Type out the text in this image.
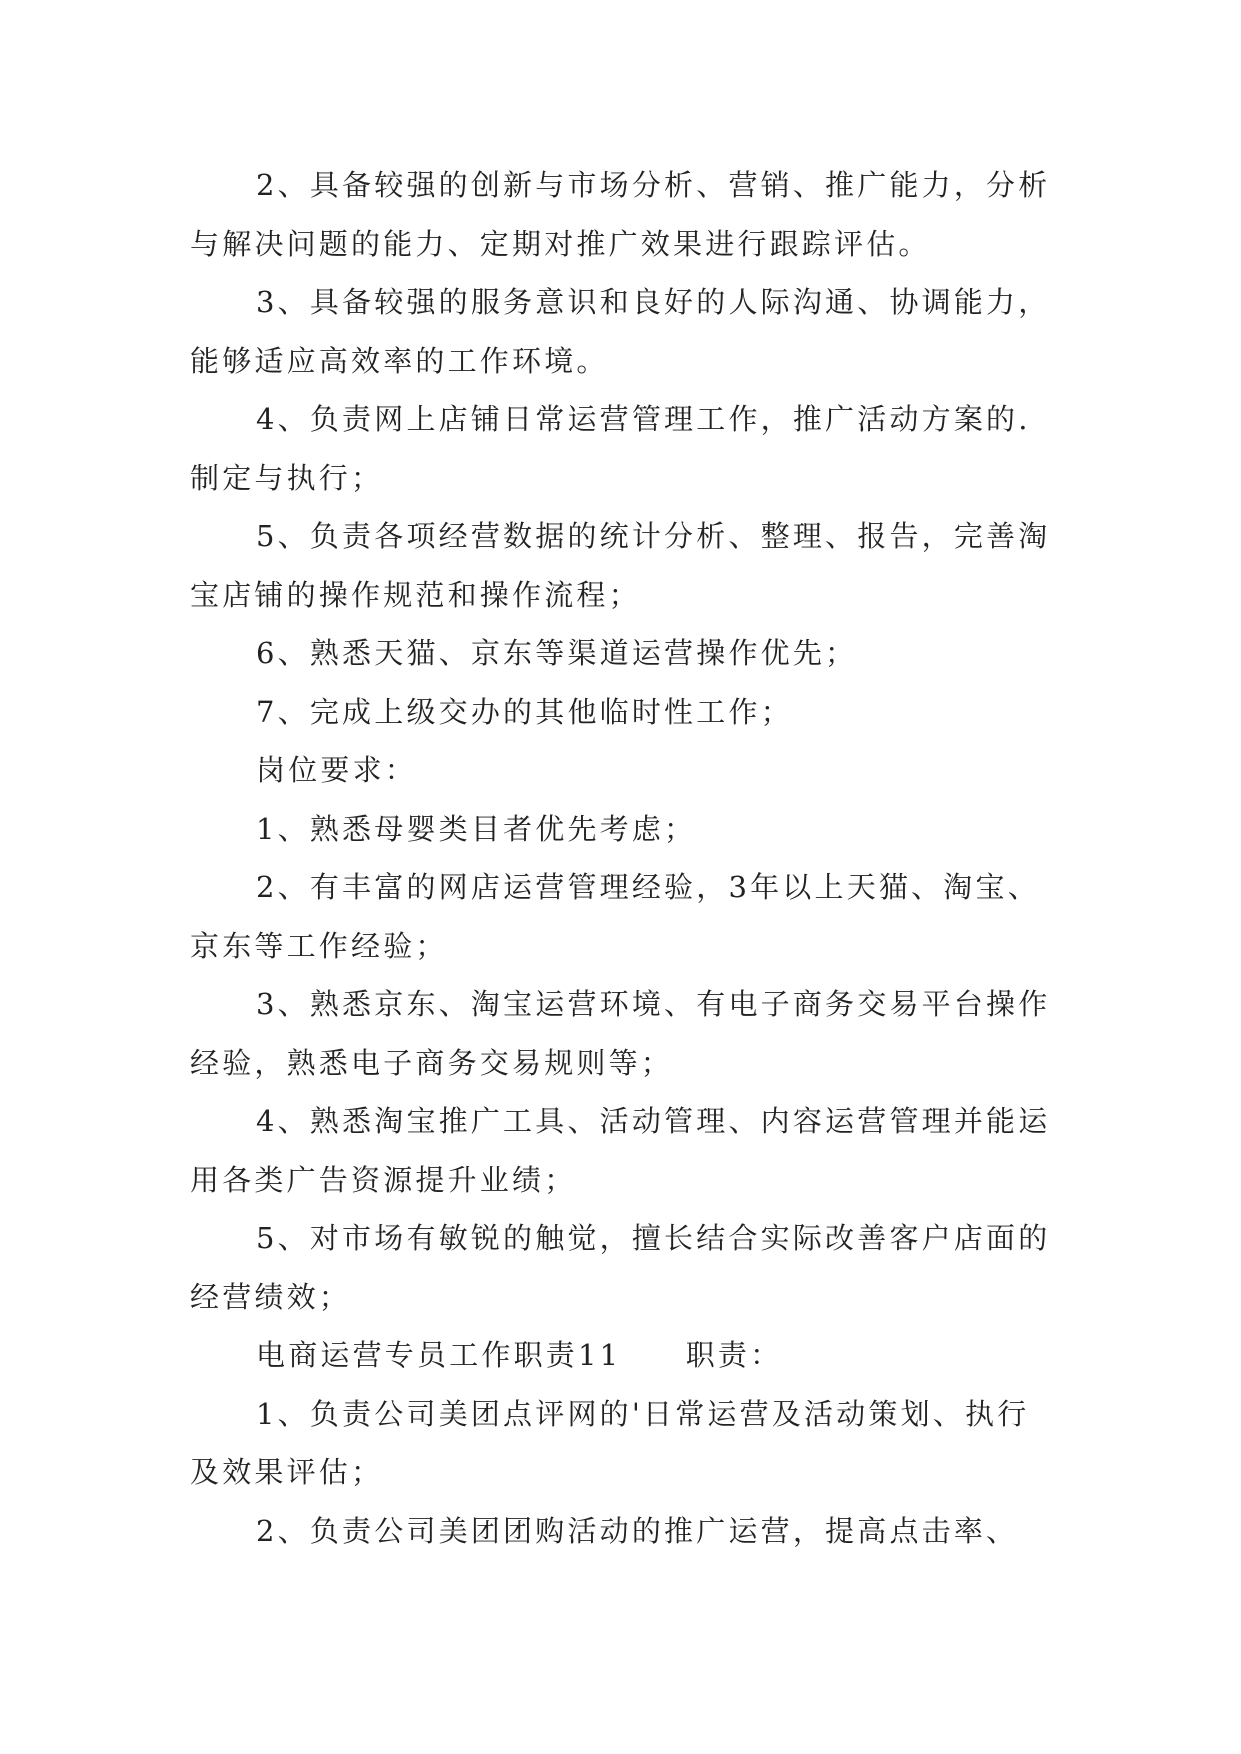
2、具备较强的创新与市场分析、营销、推广能力，分析与解决问题的能力、定期对推广效果进行跟踪评估。

3、具备较强的服务意识和良好的人际沟通、协调能力，能够适应高效率的工作环境。

4、负责网上店铺日常运营管理工作，推广活动方案的.制定与执行；

5、负责各项经营数据的统计分析、整理、报告，完善淘宝店铺的操作规范和操作流程；

6、熟悉天猫、京东等渠道运营操作优先；

7、完成上级交办的其他临时性工作；

岗位要求：

1、熟悉母婴类目者优先考虑；

2、有丰富的网店运营管理经验，3年以上天猫、淘宝、京东等工作经验；

3、熟悉京东、淘宝运营环境、有电子商务交易平台操作经验，熟悉电子商务交易规则等；

4、熟悉淘宝推广工具、活动管理、内容运营管理并能运用各类广告资源提升业绩；

5、对市场有敏锐的触觉，擅长结合实际改善客户店面的经营绩效；

电商运营专员工作职责11　　职责：

1、负责公司美团点评网的'日常运营及活动策划、执行及效果评估；

2、负责公司美团团购活动的推广运营，提高点击率、
